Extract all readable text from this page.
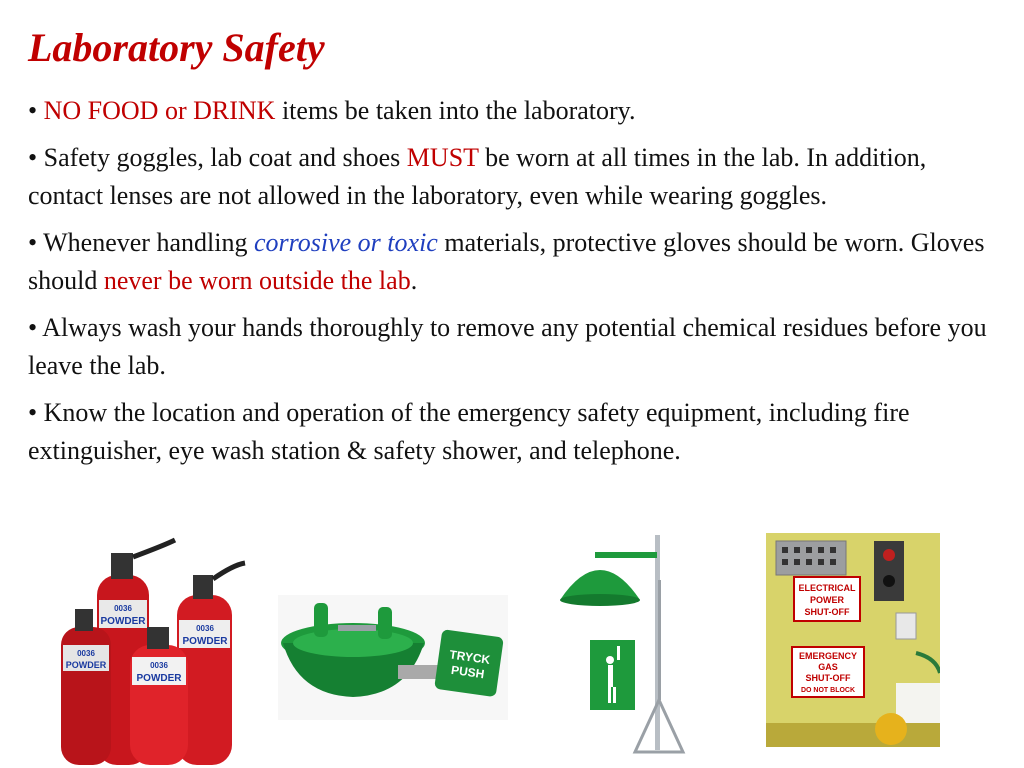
Laboratory Safety

• NO FOOD or DRINK items be taken into the laboratory.

• Safety goggles, lab coat and shoes MUST be worn at all times in the lab. In addition, contact lenses are not allowed in the laboratory, even while wearing goggles.

• Whenever handling corrosive or toxic materials, protective gloves should be worn. Gloves should never be worn outside the lab.

• Always wash your hands thoroughly to remove any potential chemical residues before you leave the lab.

• Know the location and operation of the emergency safety equipment, including fire extinguisher, eye wash station & safety shower, and telephone.

0036
POWDER
0036
POWDER
0036
POWDER	0036
POWDER
TRYCK
PUSH
ELECTRICAL
POWER
SHUT-OFF
EMERGENCY
GAS
SHUT-OFF
DO NOT BLOCK
